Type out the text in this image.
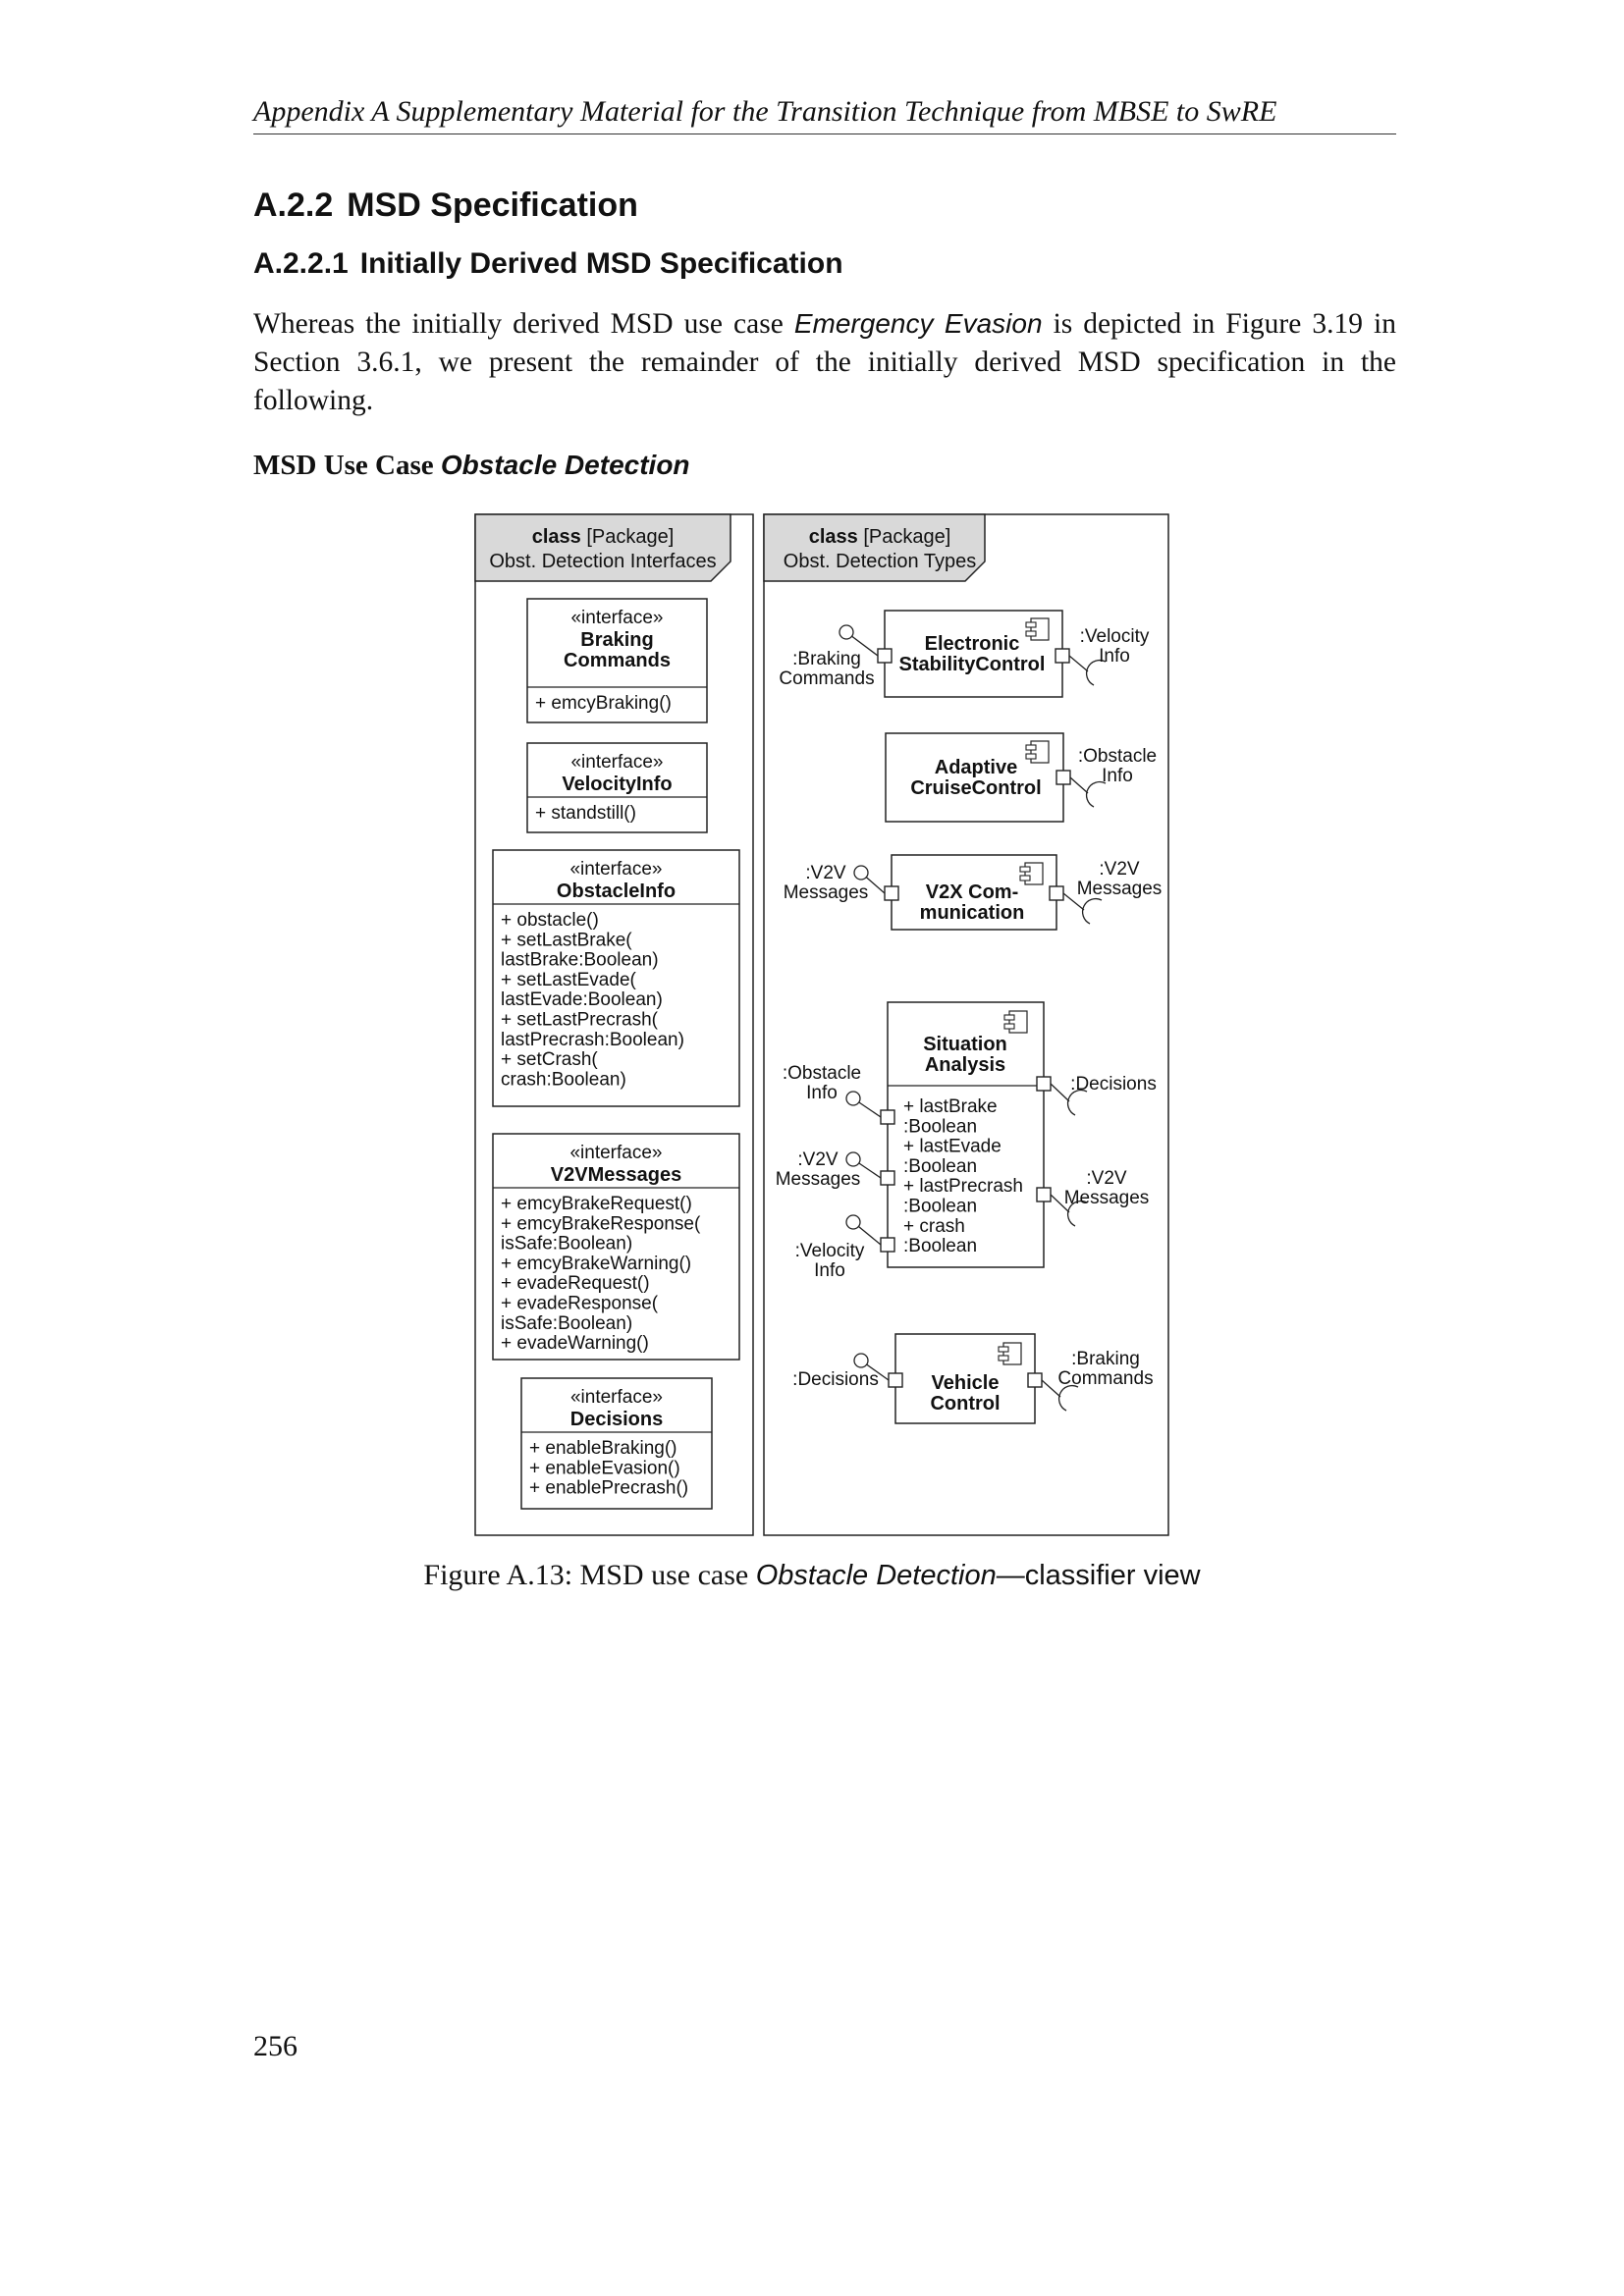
Appendix A Supplementary Material for the Transition Technique from MBSE to SwRE
A.2.2 MSD Specification
A.2.2.1 Initially Derived MSD Specification
Whereas the initially derived MSD use case Emergency Evasion is depicted in Figure 3.19 in Section 3.6.1, we present the remainder of the initially derived MSD specification in the following.
MSD Use Case Obstacle Detection
class [Package]
Obst. Detection Interfaces
class [Package]
Obst. Detection Types
«interface»
Braking
Commands
+ emcyBraking()
«interface»
VelocityInfo
+ standstill()
«interface»
ObstacleInfo
+ obstacle()
+ setLastBrake(
lastBrake:Boolean)
+ setLastEvade(
lastEvade:Boolean)
+ setLastPrecrash(
lastPrecrash:Boolean)
+ setCrash(
crash:Boolean)
«interface»
V2VMessages
+ emcyBrakeRequest()
+ emcyBrakeResponse(
isSafe:Boolean)
+ emcyBrakeWarning()
+ evadeRequest()
+ evadeResponse(
isSafe:Boolean)
+ evadeWarning()
«interface»
Decisions
+ enableBraking()
+ enableEvasion()
+ enablePrecrash()
Electronic
StabilityControl
:Braking
Commands
:Velocity
Info
Adaptive
CruiseControl
:Obstacle
Info
V2X Com-
munication
:V2V
Messages
:V2V
Messages
Situation
Analysis
+ lastBrake
:Boolean
+ lastEvade
:Boolean
+ lastPrecrash
:Boolean
+ crash
:Boolean
:Obstacle
Info
:V2V
Messages
:Velocity
Info
:Decisions
:V2V
Messages
Vehicle
Control
:Decisions
:Braking
Commands
Figure A.13: MSD use case Obstacle Detection—classifier view
256
